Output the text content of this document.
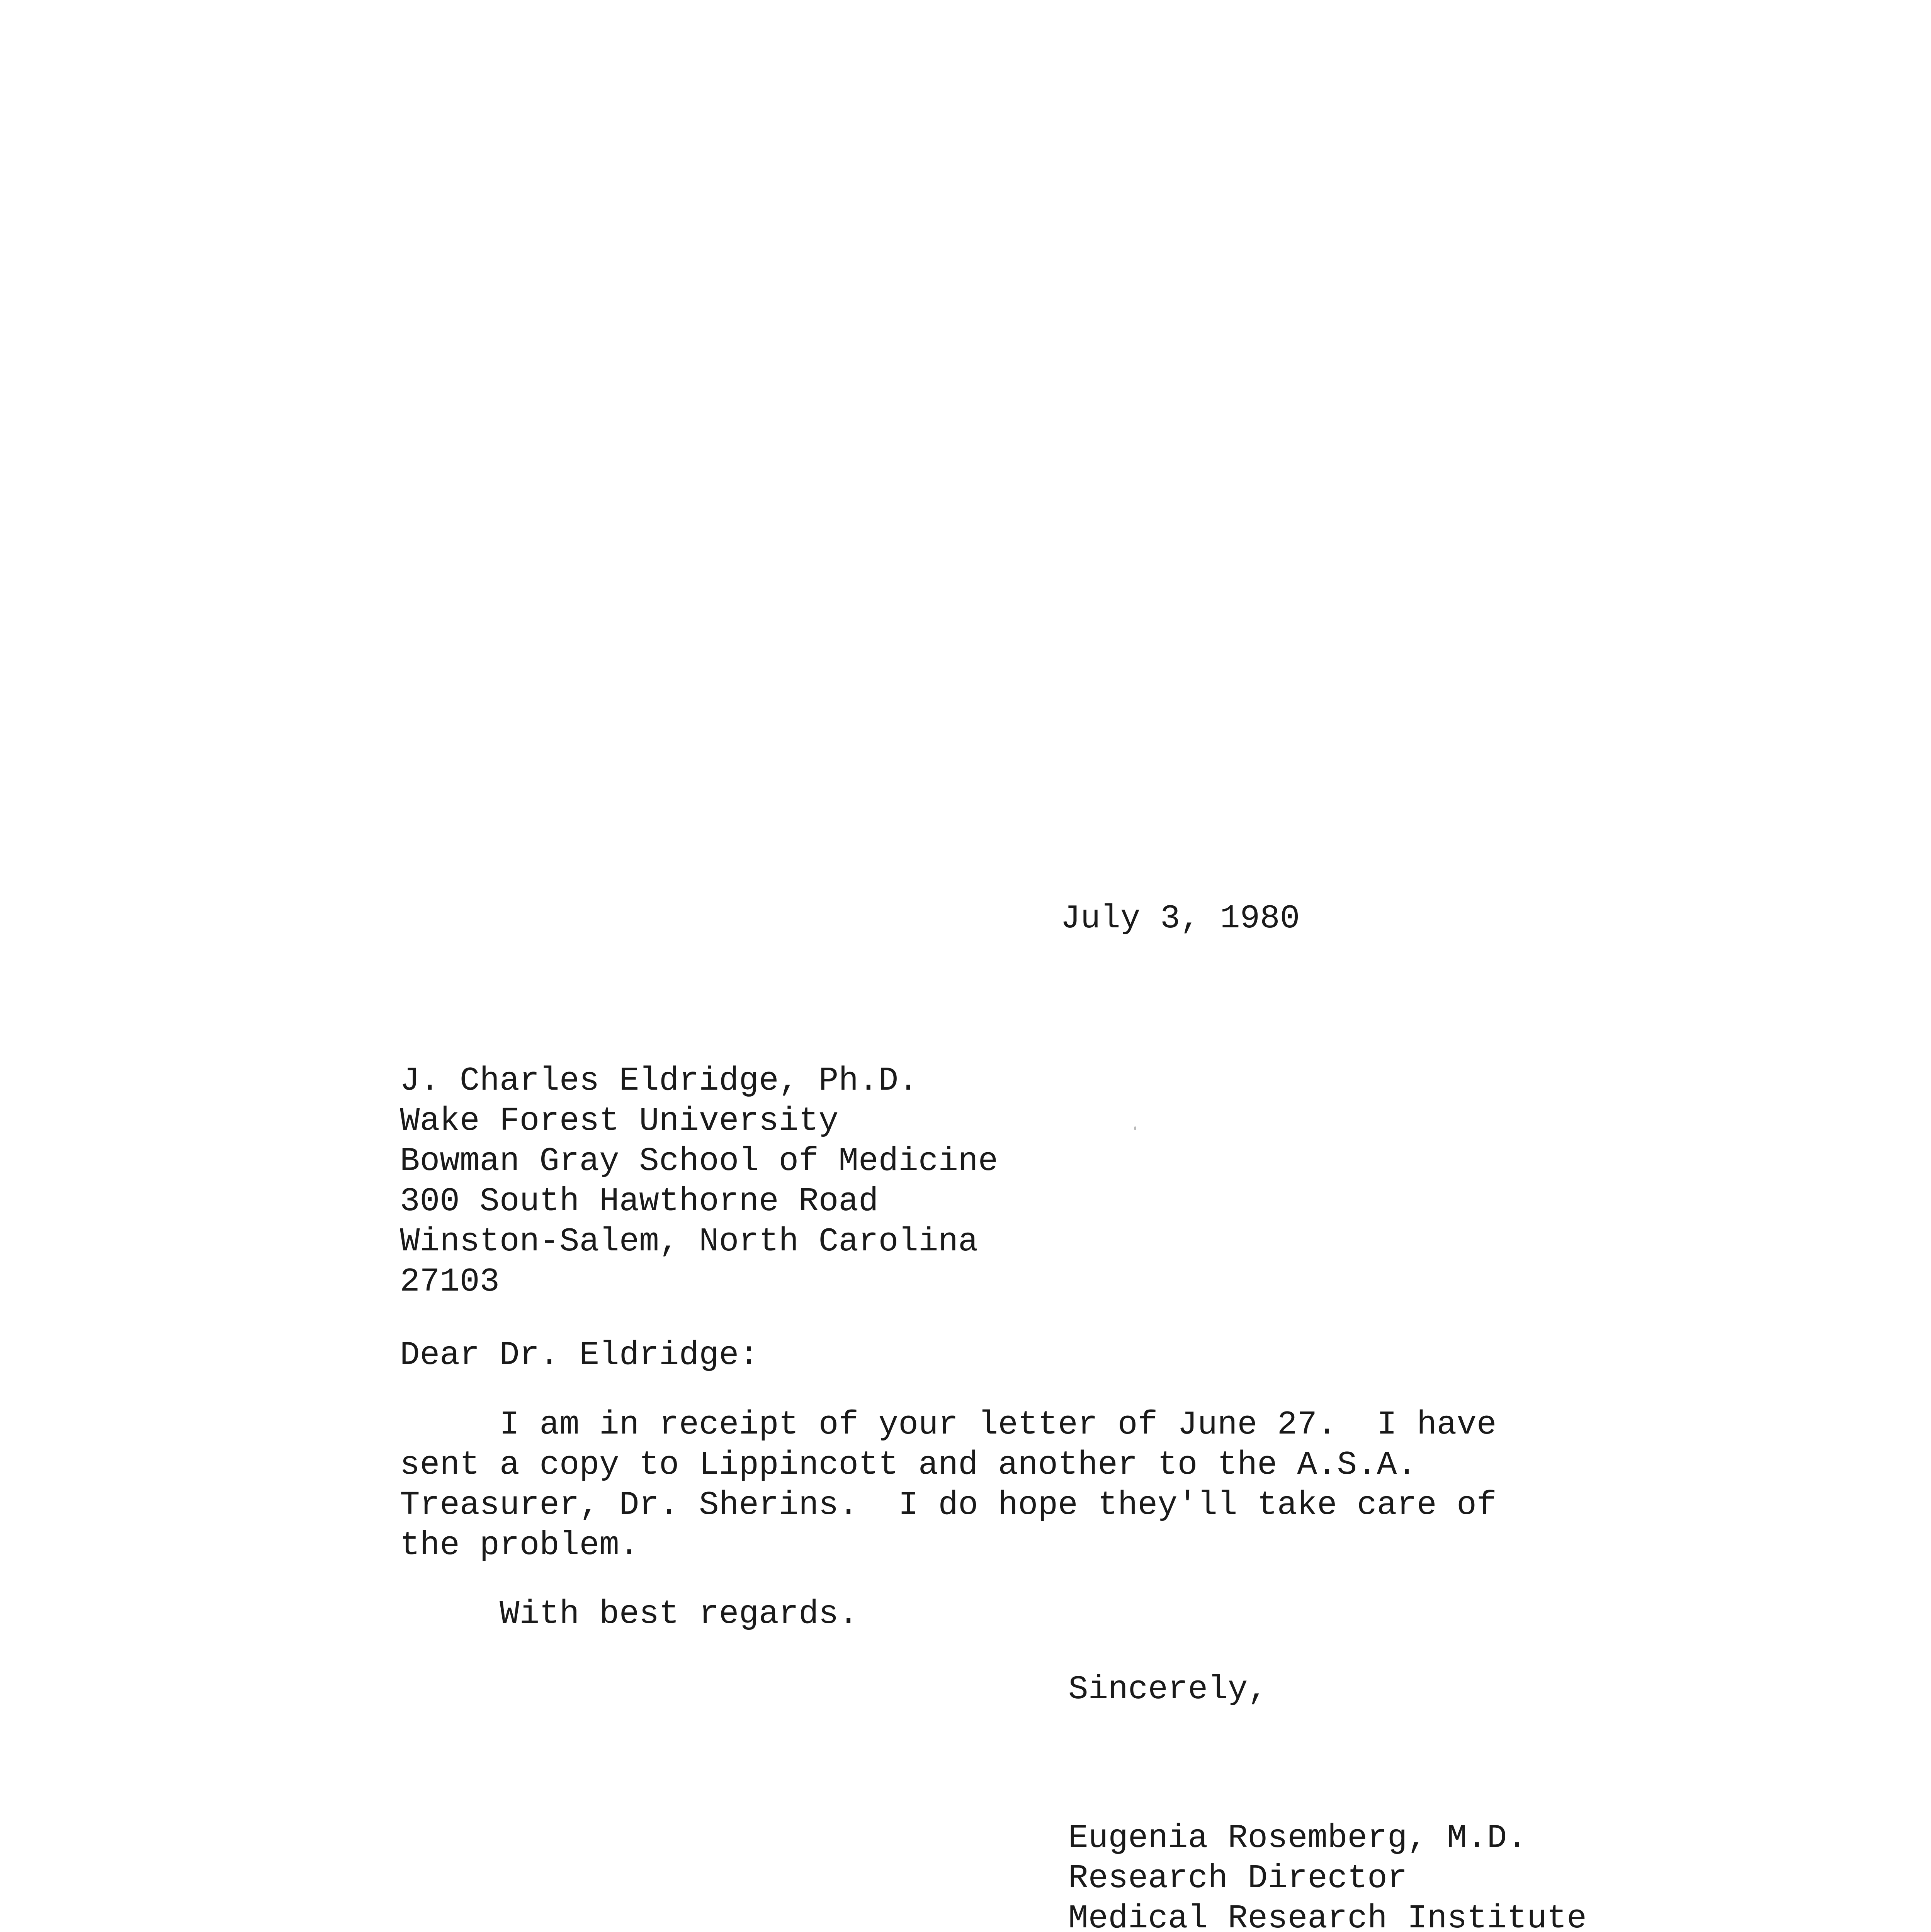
July 3, 1980
J. Charles Eldridge, Ph.D.
Wake Forest University
Bowman Gray School of Medicine
300 South Hawthorne Road
Winston-Salem, North Carolina
27103
Dear Dr. Eldridge:
I am in receipt of your letter of June 27.  I have
sent a copy to Lippincott and another to the A.S.A.
Treasurer, Dr. Sherins.  I do hope they'll take care of
the problem.
With best regards.
Sincerely,
Eugenia Rosemberg, M.D.
Research Director
Medical Research Institute
